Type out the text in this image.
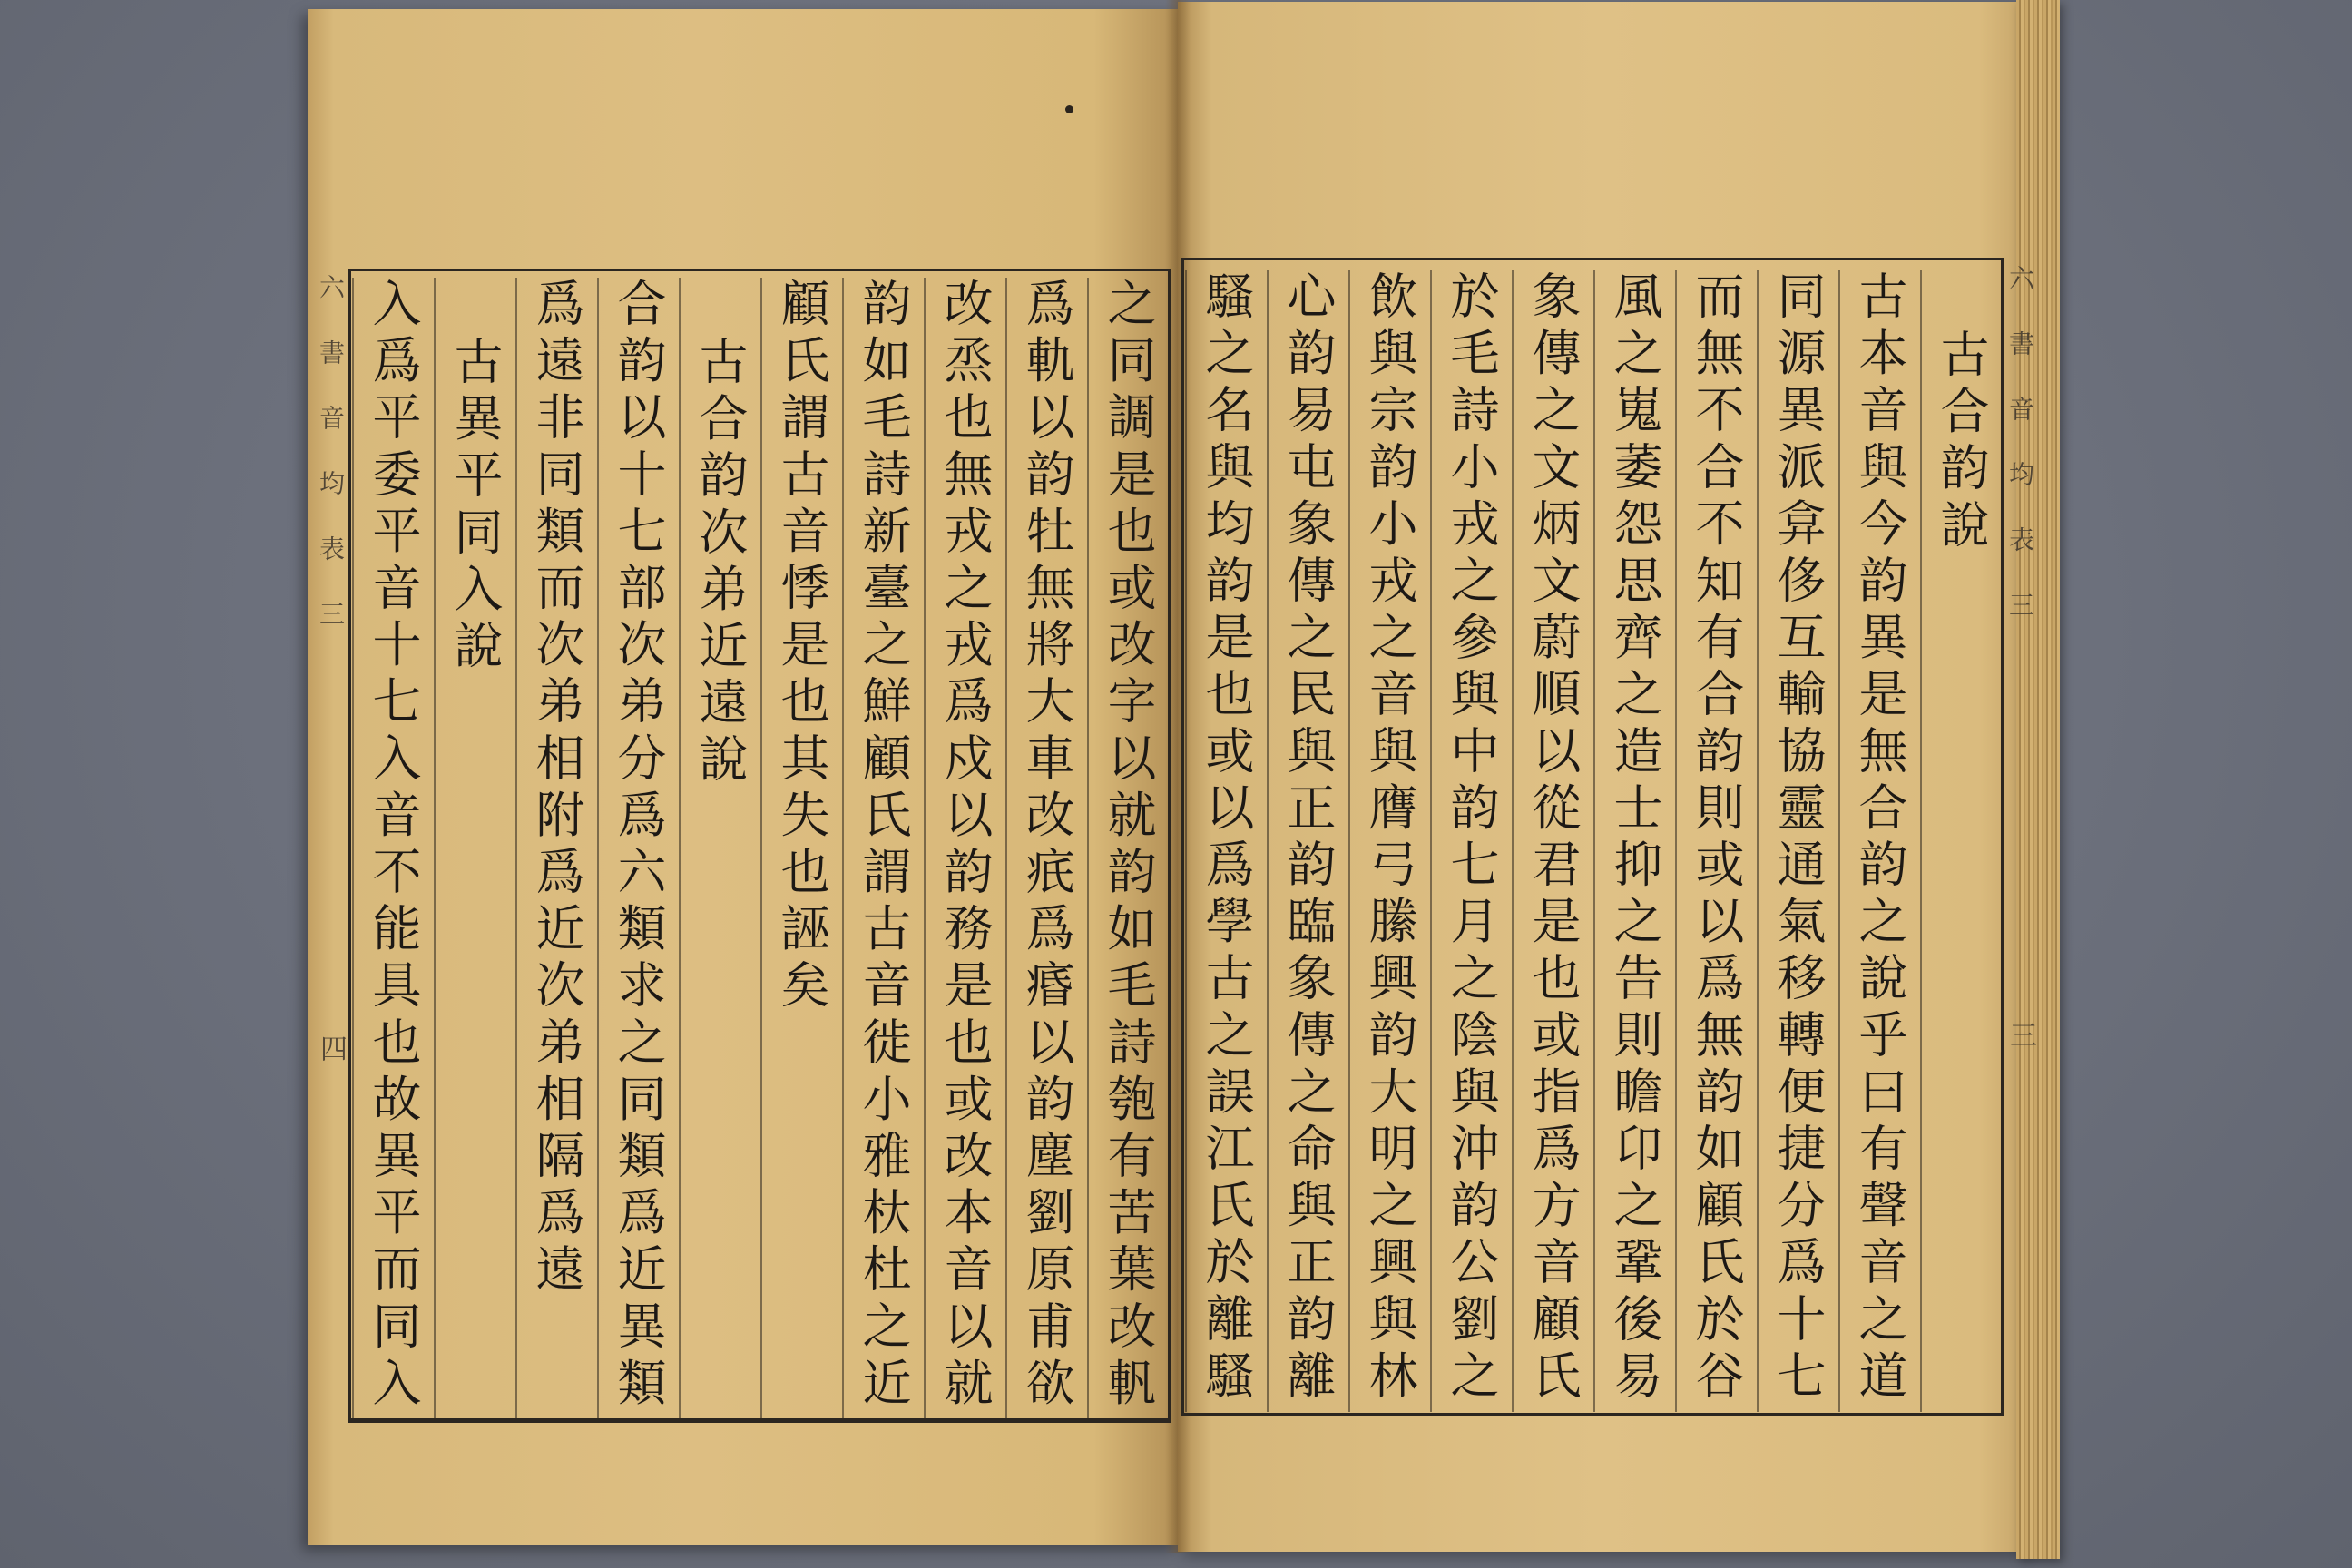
六書音均表三
四
六書音均表三
三
古合韵說
古本音與今韵異是無合韵之說乎曰有聲音之道
同源異派弇侈互輸協靈通氣移轉便捷分爲十七
而無不合不知有合韵則或以爲無韵如顧氏於谷
風之嵬萎怨思齊之造士抑之告則瞻卬之鞏後易
象傳之文炳文蔚順以從君是也或指爲方音顧氏
於毛詩小戎之參與中韵七月之陰與沖韵公劉之
飲與宗韵小戎之音與膺弓縢興韵大明之興與林
心韵易屯象傳之民與正韵臨象傳之命與正韵離
騷之名與均韵是也或以爲學古之誤江氏於離騷
之同調是也或改字以就韵如毛詩匏有苦葉改軓
爲軌以韵牡無將大車改疧爲痻以韵塵劉原甫欲
改烝也無戎之戎爲戍以韵務是也或改本音以就
韵如毛詩新臺之鮮顧氏謂古音徙小雅杕杜之近
顧氏謂古音悸是也其失也誣矣
古合韵次弟近遠說
合韵以十七部次弟分爲六類求之同類爲近異類
爲遠非同類而次弟相附爲近次弟相隔爲遠
古異平同入說
入爲平委平音十七入音不能具也故異平而同入
